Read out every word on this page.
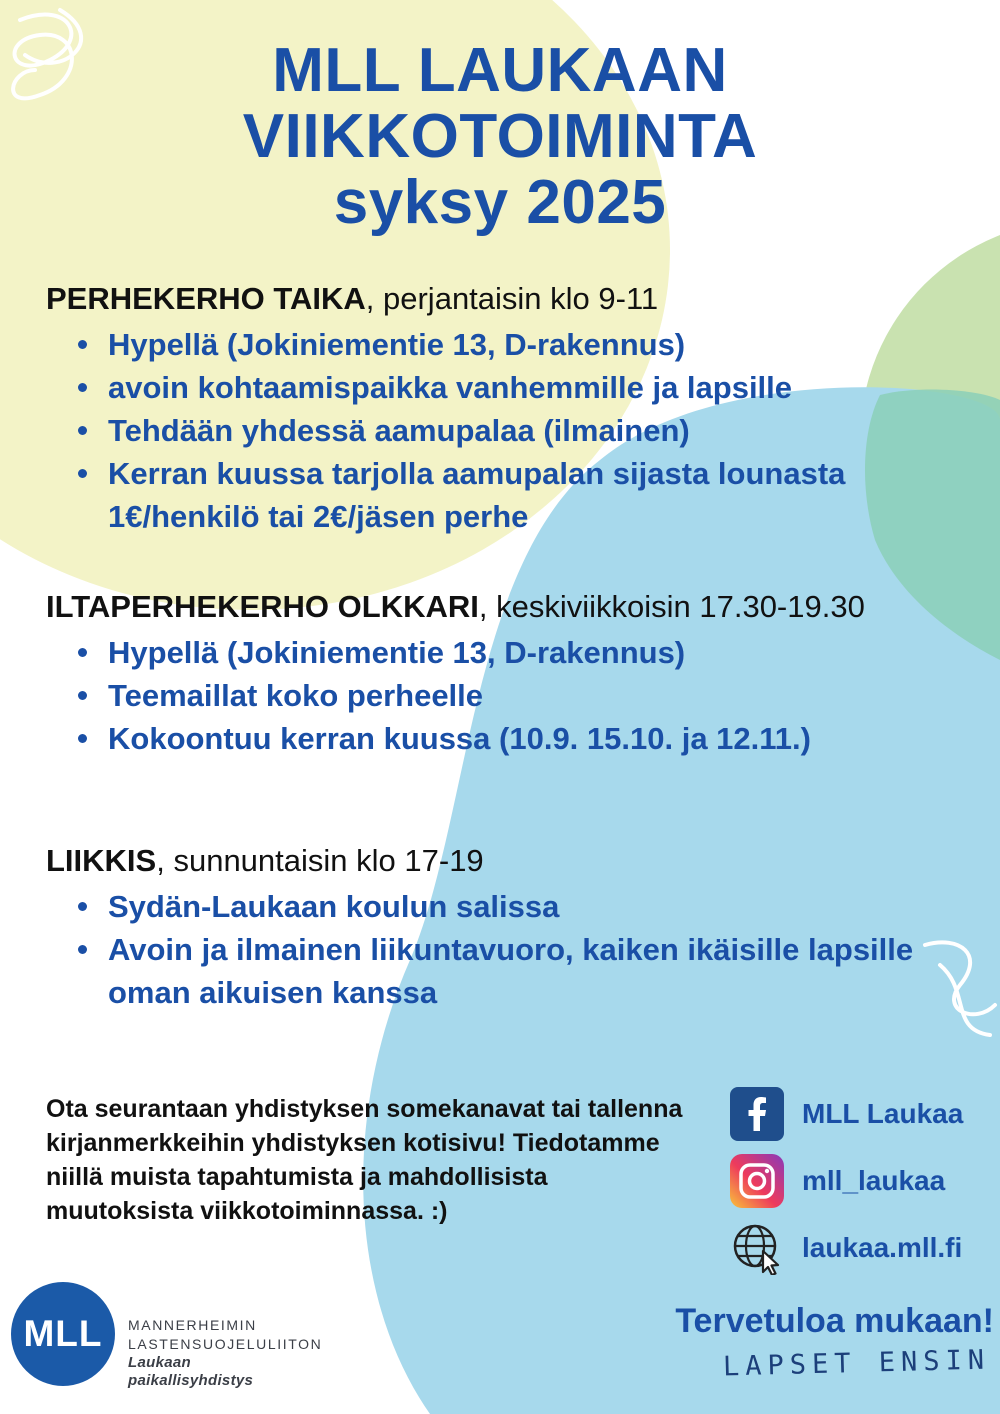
MLL LAUKAAN
VIIKKOTOIMINTA
syksy 2025

PERHEKERHO TAIKA, perjantaisin klo 9-11

Hypellä (Jokiniementie 13, D-rakennus)
avoin kohtaamispaikka vanhemmille ja lapsille
Tehdään yhdessä aamupalaa (ilmainen)
Kerran kuussa tarjolla aamupalan sijasta lounasta 1€/henkilö tai 2€/jäsen perhe

ILTAPERHEKERHO OLKKARI, keskiviikkoisin 17.30-19.30

Hypellä (Jokiniementie 13, D-rakennus)
Teemaillat koko perheelle
Kokoontuu kerran kuussa (10.9. 15.10. ja 12.11.)

LIIKKIS, sunnuntaisin klo 17-19

Sydän-Laukaan koulun salissa
Avoin ja ilmainen liikuntavuoro, kaiken ikäisille lapsille oman aikuisen kanssa

Ota seurantaan yhdistyksen somekanavat tai tallenna kirjanmerkkeihin yhdistyksen kotisivu! Tiedotamme niillä muista tapahtumista ja mahdollisista muutoksista viikkotoiminnassa. :)

MLL Laukaa
mll_laukaa
laukaa.mll.fi
MLL MANNERHEIMIN
LASTENSUOJELULIITON
Laukaan
paikallisyhdistys

Tervetuloa mukaan!

LAPSET ENSIN
